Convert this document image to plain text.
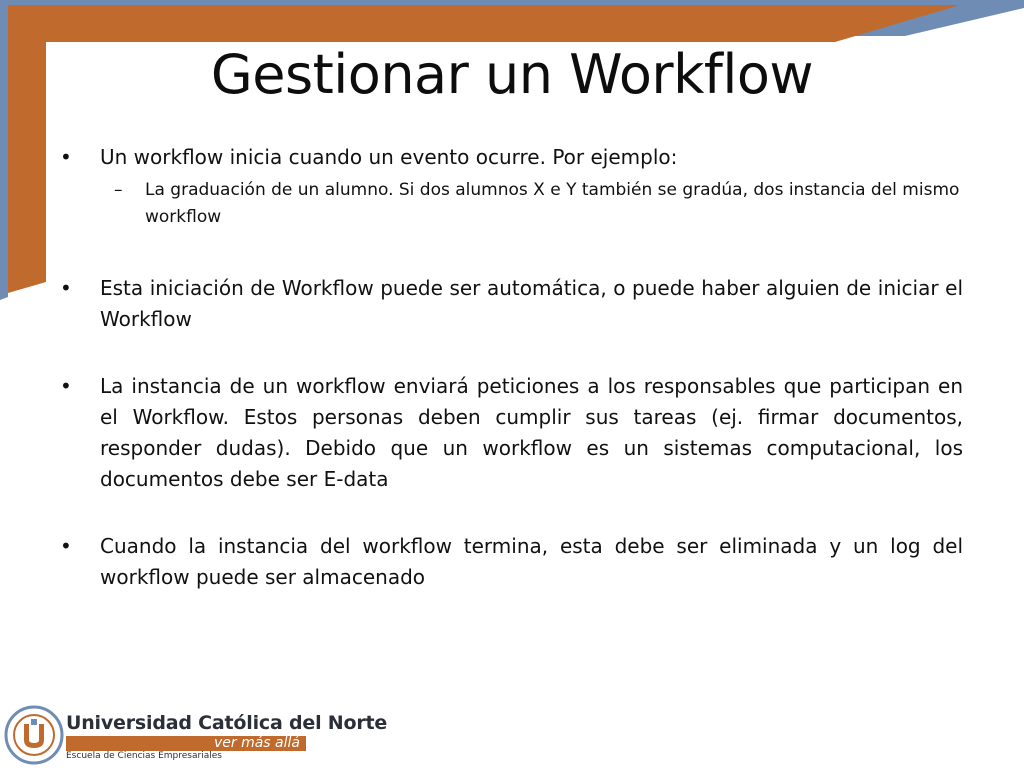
Gestionar un Workflow

• Un workflow inicia cuando un evento ocurre. Por ejemplo:

– La graduación de un alumno. Si dos alumnos X e Y también se gradúa, dos instancia del mismo workflow

• Esta iniciación de Workflow puede ser automática, o puede haber alguien de iniciar el Workflow

• La instancia de un workflow enviará peticiones a los responsables que participan en el Workflow. Estos personas deben cumplir sus tareas (ej. firmar documentos, responder dudas). Debido que un workflow es un sistemas computacional, los documentos debe ser E-data

• Cuando la instancia del workflow termina, esta debe ser eliminada y un log del workflow puede ser almacenado

Universidad Católica del Norte
ver más allá
Escuela de Ciencias Empresariales
